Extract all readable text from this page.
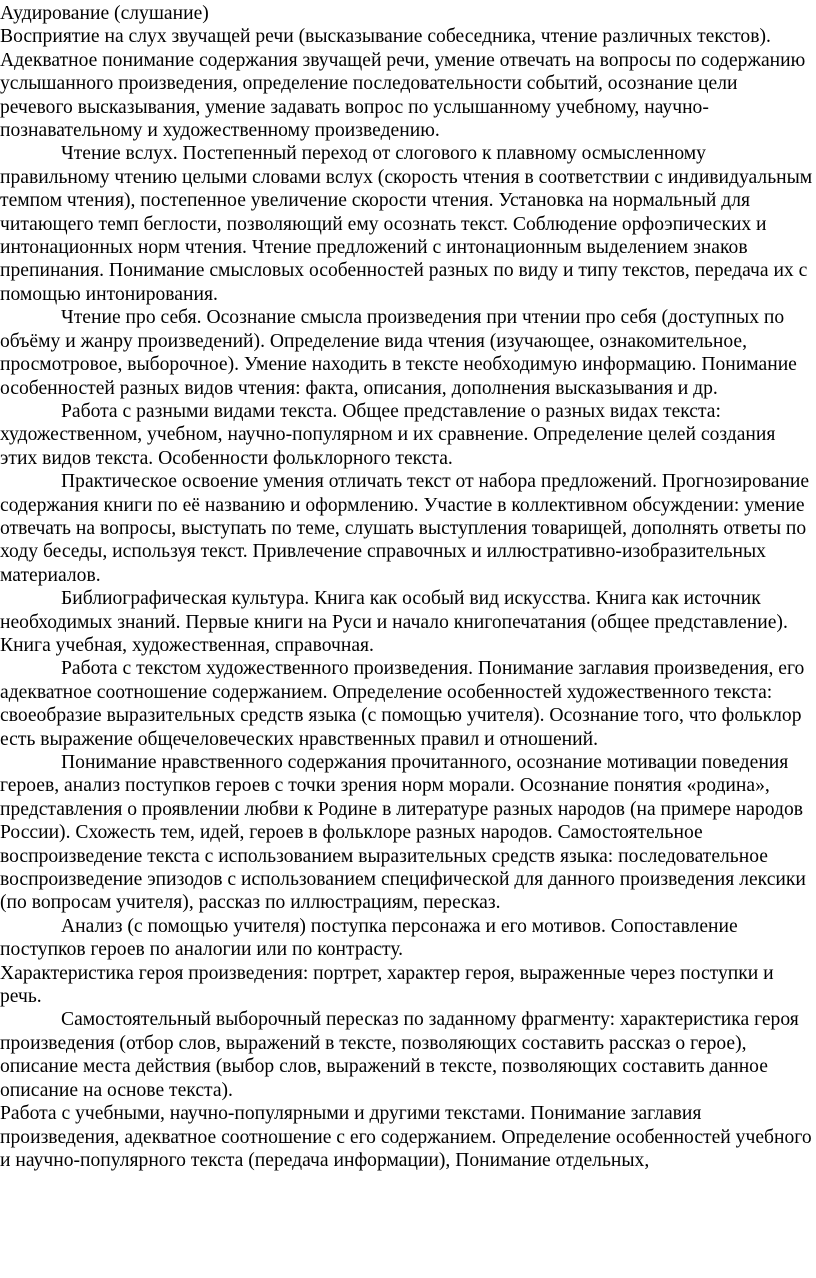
Аудирование (слушание)

Восприятие на слух звучащей речи (высказывание собеседника, чтение различных текстов). Адекватное понимание содержания звучащей речи, умение отвечать на вопросы по содержанию услышанного произведения, определение последовательности событий, осознание цели речевого высказывания, умение задавать вопрос по услышанному учебному, научно-познавательному и художественному произведению.

Чтение вслух. Постепенный переход от слогового к плавному осмысленному правильному чтению целыми словами вслух (скорость чтения в соответствии с индивидуальным темпом чтения), постепенное увеличение скорости чтения. Установка на нормальный для читающего темп беглости, позволяющий ему осознать текст. Соблюдение орфоэпических и интонационных норм чтения. Чтение предложений с интонационным выделением знаков препинания. Понимание смысловых особенностей разных по виду и типу текстов, передача их с помощью интонирования.

Чтение про себя. Осознание смысла произведения при чтении про себя (доступных по объёму и жанру произведений). Определение вида чтения (изучающее, ознакомительное, просмотровое, выборочное). Умение находить в тексте необходимую информацию. Понимание особенностей разных видов чтения: факта, описания, дополнения высказывания и др.

Работа с разными видами текста. Общее представление о разных видах текста: художественном, учебном, научно-популярном и их сравнение. Определение целей создания этих видов текста. Особенности фольклорного текста.

Практическое освоение умения отличать текст от набора предложений. Прогнозирование содержания книги по её названию и оформлению. Участие в коллективном обсуждении: умение отвечать на вопросы, выступать по теме, слушать выступления товарищей, дополнять ответы по ходу беседы, используя текст. Привлечение справочных и иллюстративно-изобразительных материалов.

Библиографическая культура. Книга как особый вид искусства. Книга как источник необходимых знаний. Первые книги на Руси и начало книгопечатания (общее представление). Книга учебная, художественная, справочная.

Работа с текстом художественного произведения. Понимание заглавия произведения, его адекватное соотношение содержанием. Определение особенностей художественного текста: своеобразие выразительных средств языка (с помощью учителя). Осознание того, что фольклор есть выражение общечеловеческих нравственных правил и отношений.

Понимание нравственного содержания прочитанного, осознание мотивации поведения героев, анализ поступков героев с точки зрения норм морали. Осознание понятия «родина», представления о проявлении любви к Родине в литературе разных народов (на примере народов России). Схожесть тем, идей, героев в фольклоре разных народов. Самостоятельное воспроизведение текста с использованием выразительных средств языка: последовательное воспроизведение эпизодов с использованием специфической для данного произведения лексики (по вопросам учителя), рассказ по иллюстрациям, пересказ.

Анализ (с помощью учителя) поступка персонажа и его мотивов. Сопоставление поступков героев по аналогии или по контрасту.

Характеристика героя произведения: портрет, характер героя, выраженные через поступки и речь.

Самостоятельный выборочный пересказ по заданному фрагменту: характеристика героя произведения (отбор слов, выражений в тексте, позволяющих составить рассказ о герое), описание места действия (выбор слов, выражений в тексте, позволяющих составить данное описание на основе текста).

Работа с учебными, научно-популярными и другими текстами. Понимание заглавия произведения, адекватное соотношение с его содержанием. Определение особенностей учебного и научно-популярного текста (передача информации), Понимание отдельных,
